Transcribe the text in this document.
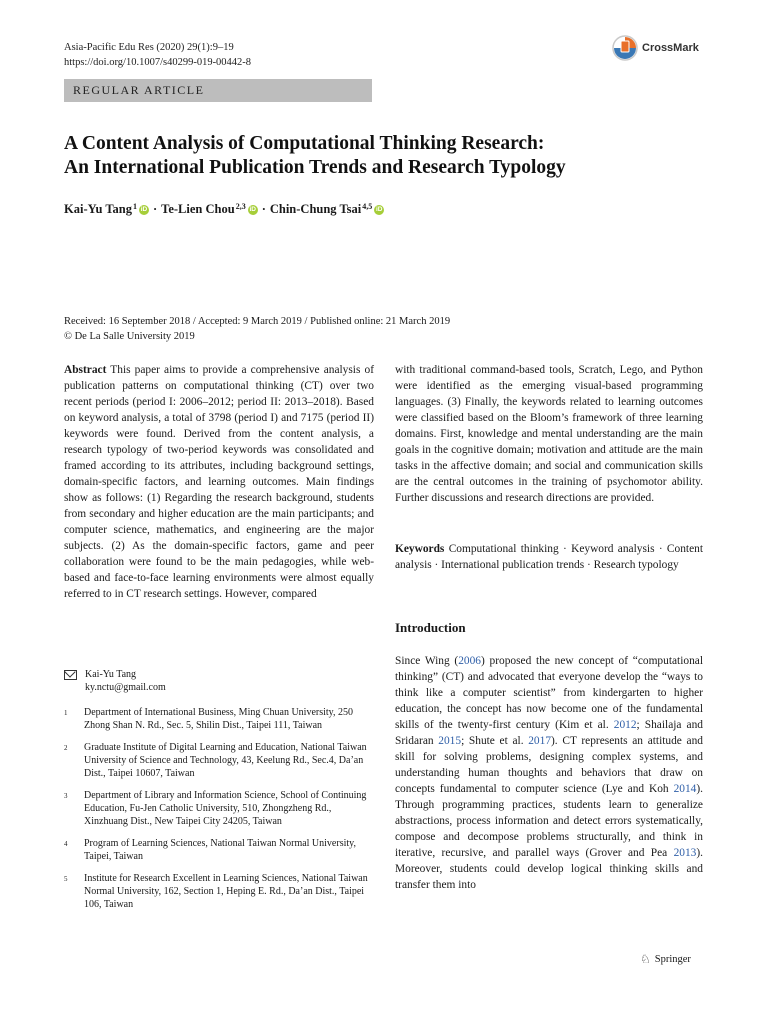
Asia-Pacific Edu Res (2020) 29(1):9–19
https://doi.org/10.1007/s40299-019-00442-8
CrossMark
REGULAR ARTICLE
A Content Analysis of Computational Thinking Research:
An International Publication Trends and Research Typology
Kai-Yu Tang$^1$ iD · Te-Lien Chou$^{2,3}$ iD · Chin-Chung Tsai$^{4,5}$ iD
Received: 16 September 2018 / Accepted: 9 March 2019 / Published online: 21 March 2019
© De La Salle University 2019
Abstract This paper aims to provide a comprehensive analysis of publication patterns on computational thinking (CT) over two recent periods (period I: 2006–2012; period II: 2013–2018). Based on keyword analysis, a total of 3798 (period I) and 7175 (period II) keywords were found. Derived from the content analysis, a research typology of two-period keywords was consolidated and framed according to its attributes, including background settings, domain-specific factors, and learning outcomes. Main findings show as follows: (1) Regarding the research background, students from secondary and higher education are the main participants; and computer science, mathematics, and engineering are the major subjects. (2) As the domain-specific factors, game and peer collaboration were found to be the main pedagogies, while web-based and face-to-face learning environments were almost equally referred to in CT research settings. However, compared
with traditional command-based tools, Scratch, Lego, and Python were identified as the emerging visual-based programming languages. (3) Finally, the keywords related to learning outcomes were classified based on the Bloom’s framework of three learning domains. First, knowledge and mental understanding are the main goals in the cognitive domain; motivation and attitude are the main tasks in the affective domain; and social and communication skills are the central outcomes in the training of psychomotor ability. Further discussions and research directions are provided.
Keywords Computational thinking · Keyword analysis · Content analysis · International publication trends · Research typology
Introduction
Since Wing (2006) proposed the new concept of “computational thinking” (CT) and advocated that everyone develop the “ways to think like a computer scientist” from kindergarten to higher education, the concept has now become one of the fundamental skills of the twenty-first century (Kim et al. 2012; Shailaja and Sridaran 2015; Shute et al. 2017). CT represents an attitude and skill for solving problems, designing complex systems, and understanding human thoughts and behaviors that draw on concepts fundamental to computer science (Lye and Koh 2014). Through programming practices, students learn to generalize abstractions, process information and detect errors systematically, compose and decompose problems structurally, and think in iterative, recursive, and parallel ways (Grover and Pea 2013). Moreover, students could develop logical thinking skills and transfer them into
Kai-Yu Tang
ky.nctu@gmail.com
1	Department of International Business, Ming Chuan University, 250 Zhong Shan N. Rd., Sec. 5, Shilin Dist., Taipei 111, Taiwan
2	Graduate Institute of Digital Learning and Education, National Taiwan University of Science and Technology, 43, Keelung Rd., Sec.4, Da’an Dist., Taipei 10607, Taiwan
3	Department of Library and Information Science, School of Continuing Education, Fu-Jen Catholic University, 510, Zhongzheng Rd., Xinzhuang Dist., New Taipei City 24205, Taiwan
4	Program of Learning Sciences, National Taiwan Normal University, Taipei, Taiwan
5	Institute for Research Excellent in Learning Sciences, National Taiwan Normal University, 162, Section 1, Heping E. Rd., Da’an Dist., Taipei 106, Taiwan
♘ Springer
